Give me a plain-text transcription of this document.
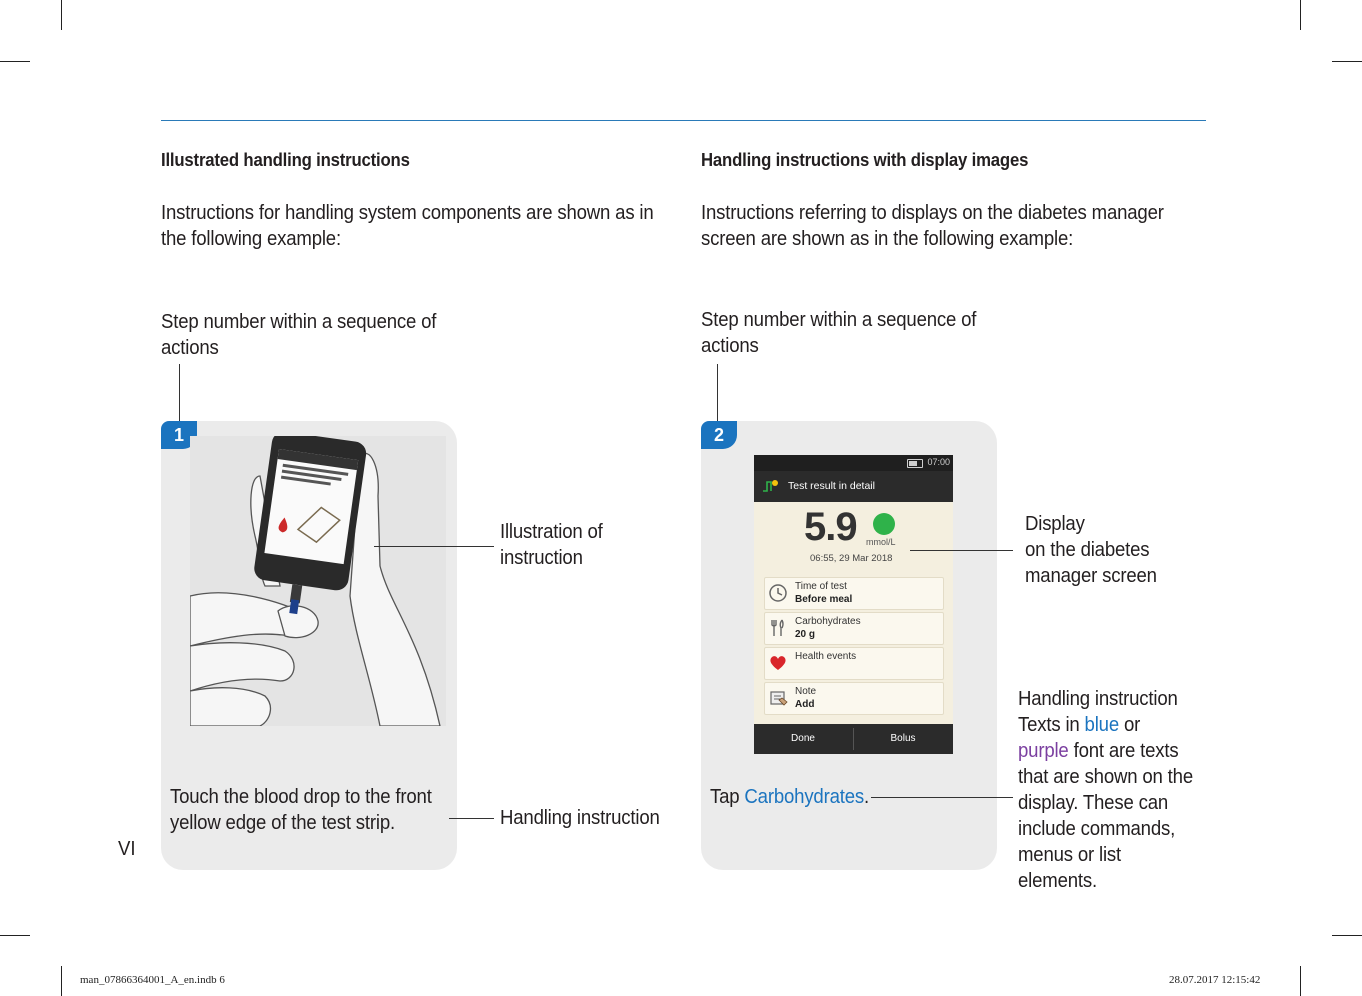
Illustrated handling instructions
Instructions for handling system components are shown as in the following example:
Step number within a sequence of actions
1
Illustration of instruction
Touch the blood drop to the front yellow edge of the test strip.	Handling instruction
Handling instructions with display images
Instructions referring to displays on the diabetes manager screen are shown as in the following example:
Step number within a sequence of actions
2
07:00
Test result in detail
5.9 mmol/L
06:55, 29 Mar 2018
Time of test
Before meal
Carbohydrates
20 g
Health events
Note
Add
Done	Bolus
Display
on the diabetes
manager screen
Handling instruction
Texts in blue or purple font are texts that are shown on the display. These can include commands, menus or list elements.
Tap Carbohydrates.
VI
man_07866364001_A_en.indb 6	28.07.2017 12:15:42
